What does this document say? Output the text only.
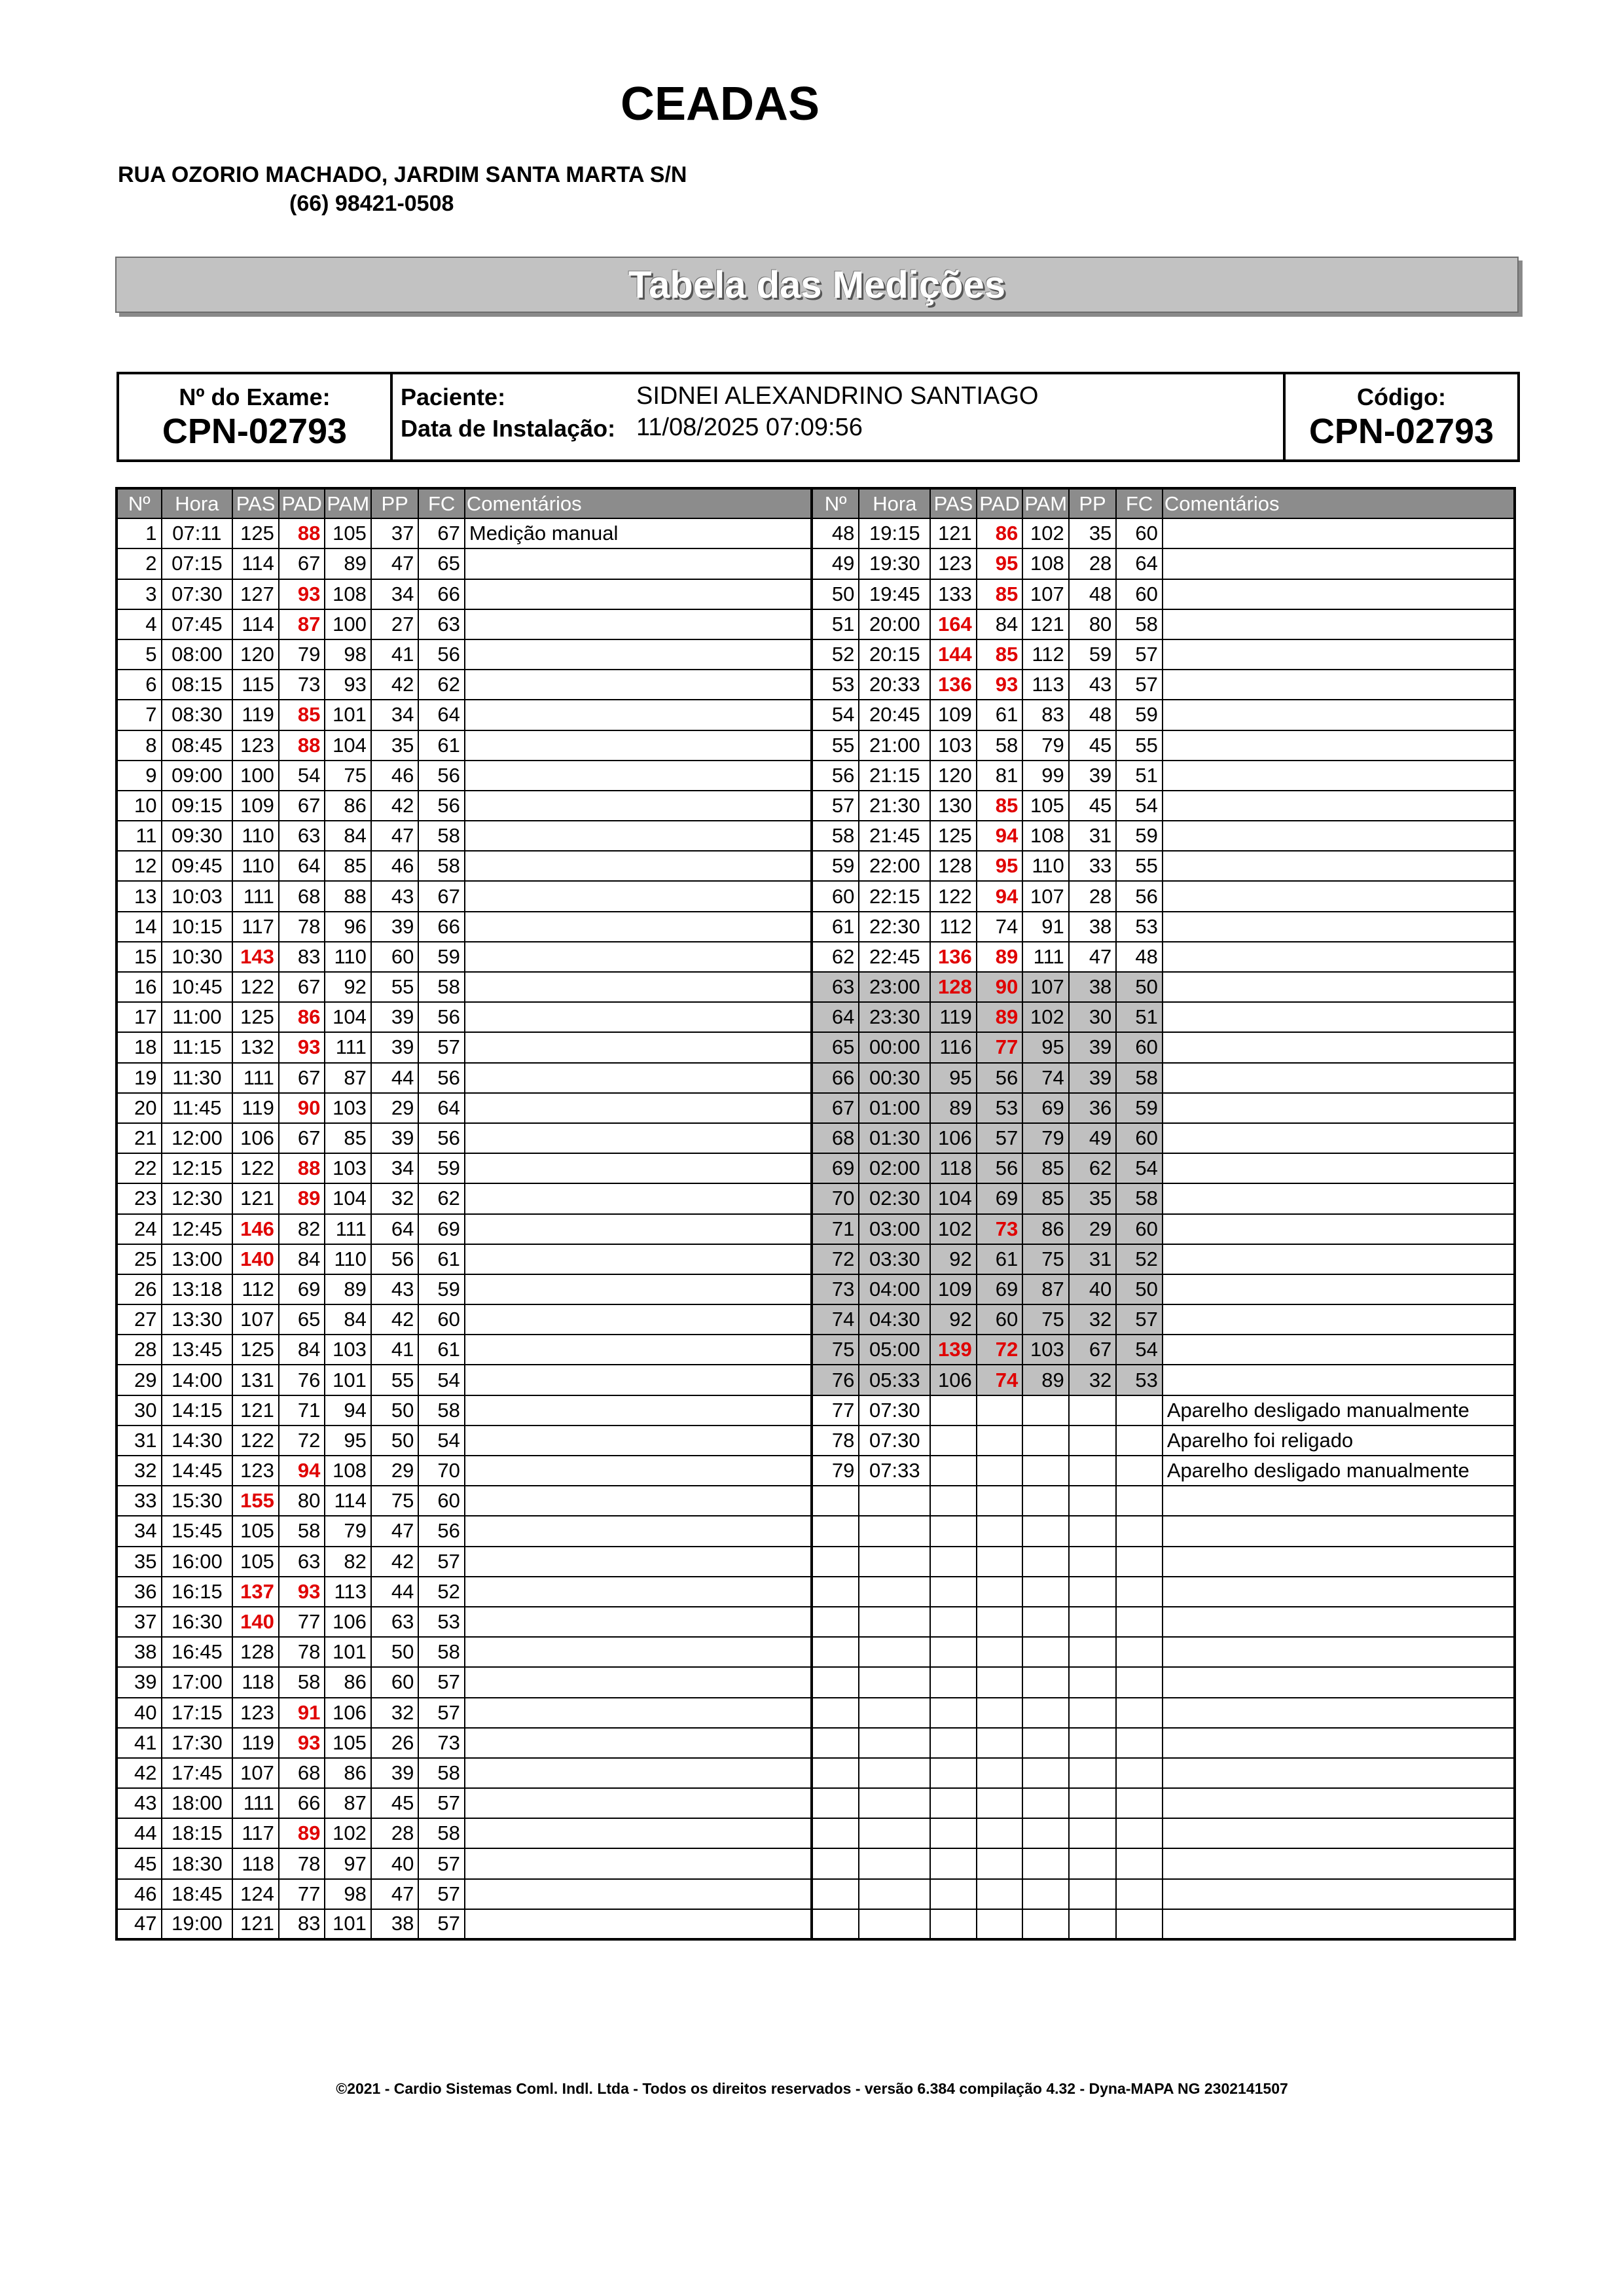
CEADAS
RUA OZORIO MACHADO, JARDIM SANTA MARTA S/N
(66) 98421-0508
Tabela das Medições
Nº do Exame:
CPN-02793
Paciente:	SIDNEI ALEXANDRINO SANTIAGO
Data de Instalação: 11/08/2025 07:09:56
Código:
CPN-02793
Nº	Hora	PAS	PAD	PAM	PP	FC	Comentários	Nº	Hora	PAS	PAD	PAM	PP	FC	Comentários
1	07:11	125	88	105	37	67	Medição manual	48	19:15	121	86	102	35	60	
2	07:15	114	67	89	47	65		49	19:30	123	95	108	28	64	
3	07:30	127	93	108	34	66		50	19:45	133	85	107	48	60	
4	07:45	114	87	100	27	63		51	20:00	164	84	121	80	58	
5	08:00	120	79	98	41	56		52	20:15	144	85	112	59	57	
6	08:15	115	73	93	42	62		53	20:33	136	93	113	43	57	
7	08:30	119	85	101	34	64		54	20:45	109	61	83	48	59	
8	08:45	123	88	104	35	61		55	21:00	103	58	79	45	55	
9	09:00	100	54	75	46	56		56	21:15	120	81	99	39	51	
10	09:15	109	67	86	42	56		57	21:30	130	85	105	45	54	
11	09:30	110	63	84	47	58		58	21:45	125	94	108	31	59	
12	09:45	110	64	85	46	58		59	22:00	128	95	110	33	55	
13	10:03	111	68	88	43	67		60	22:15	122	94	107	28	56	
14	10:15	117	78	96	39	66		61	22:30	112	74	91	38	53	
15	10:30	143	83	110	60	59		62	22:45	136	89	111	47	48	
16	10:45	122	67	92	55	58		63	23:00	128	90	107	38	50	
17	11:00	125	86	104	39	56		64	23:30	119	89	102	30	51	
18	11:15	132	93	111	39	57		65	00:00	116	77	95	39	60	
19	11:30	111	67	87	44	56		66	00:30	95	56	74	39	58	
20	11:45	119	90	103	29	64		67	01:00	89	53	69	36	59	
21	12:00	106	67	85	39	56		68	01:30	106	57	79	49	60	
22	12:15	122	88	103	34	59		69	02:00	118	56	85	62	54	
23	12:30	121	89	104	32	62		70	02:30	104	69	85	35	58	
24	12:45	146	82	111	64	69		71	03:00	102	73	86	29	60	
25	13:00	140	84	110	56	61		72	03:30	92	61	75	31	52	
26	13:18	112	69	89	43	59		73	04:00	109	69	87	40	50	
27	13:30	107	65	84	42	60		74	04:30	92	60	75	32	57	
28	13:45	125	84	103	41	61		75	05:00	139	72	103	67	54	
29	14:00	131	76	101	55	54		76	05:33	106	74	89	32	53	
30	14:15	121	71	94	50	58		77	07:30						Aparelho desligado manualmente
31	14:30	122	72	95	50	54		78	07:30						Aparelho foi religado
32	14:45	123	94	108	29	70		79	07:33						Aparelho desligado manualmente
33	15:30	155	80	114	75	60									
34	15:45	105	58	79	47	56									
35	16:00	105	63	82	42	57									
36	16:15	137	93	113	44	52									
37	16:30	140	77	106	63	53									
38	16:45	128	78	101	50	58									
39	17:00	118	58	86	60	57									
40	17:15	123	91	106	32	57									
41	17:30	119	93	105	26	73									
42	17:45	107	68	86	39	58									
43	18:00	111	66	87	45	57									
44	18:15	117	89	102	28	58									
45	18:30	118	78	97	40	57									
46	18:45	124	77	98	47	57									
47	19:00	121	83	101	38	57									
©2021 - Cardio Sistemas Coml. Indl. Ltda - Todos os direitos reservados - versão 6.384 compilação 4.32 - Dyna-MAPA NG 2302141507
